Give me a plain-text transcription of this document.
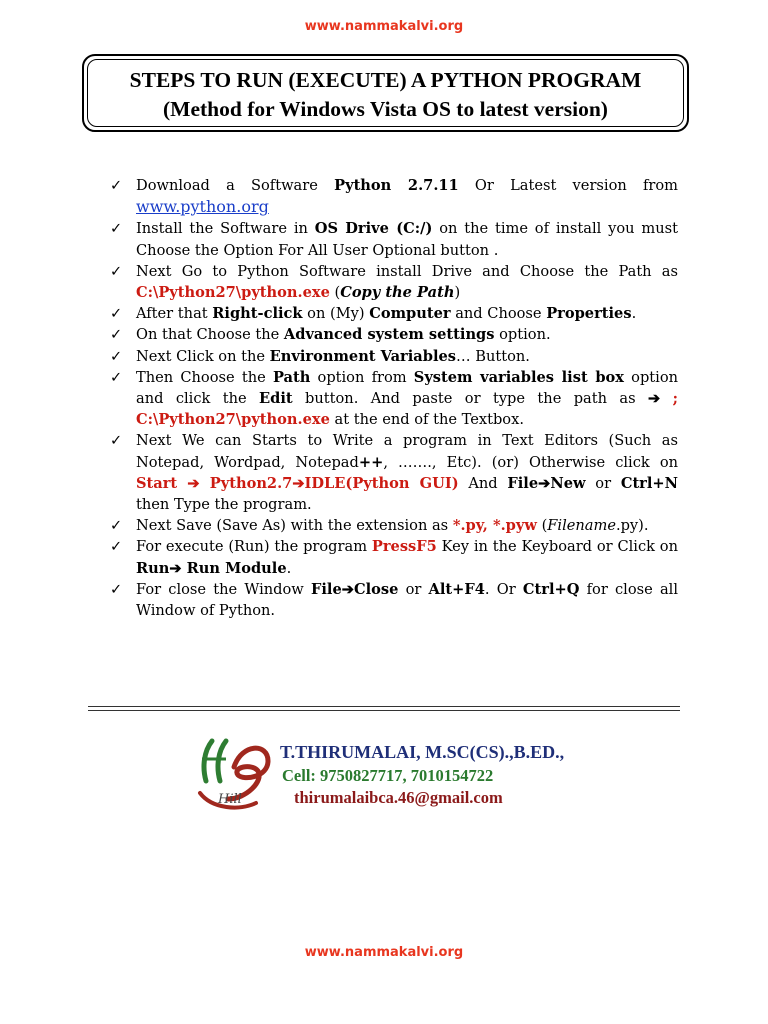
www.nammakalvi.org
STEPS TO RUN (EXECUTE) A PYTHON PROGRAM
(Method for Windows Vista OS to latest version)

✓ Download a Software Python 2.7.11 Or Latest version from www.python.org

✓ Install the Software in OS Drive (C:/) on the time of install you must Choose the Option For All User Optional button .

✓ Next Go to Python Software install Drive and Choose the Path as C:\Python27\python.exe (Copy the Path)

✓ After that Right-click on (My) Computer and Choose Properties.

✓ On that Choose the Advanced system settings option.

✓ Next Click on the Environment Variables… Button.

✓ Then Choose the Path option from System variables list box option and click the Edit button. And paste or type the path as ➔ ; C:\Python27\python.exe at the end of the Textbox.

✓ Next We can Starts to Write a program in Text Editors (Such as Notepad, Wordpad, Notepad++, ……., Etc). (or) Otherwise click on Start ➔ Python2.7➔IDLE(Python GUI) And File➔New or Ctrl+N then Type the program.

✓ Next Save (Save As) with the extension as *.py, *.pyw (Filename.py).

✓ For execute (Run) the program PressF5 Key in the Keyboard or Click on Run➔ Run Module.

✓ For close the Window File➔Close or Alt+F4. Or Ctrl+Q for close all Window of Python.

Hill
T.THIRUMALAI, M.SC(CS).,B.ED.,
Cell: 9750827717, 7010154722
thirumalaibca.46@gmail.com
www.nammakalvi.org
